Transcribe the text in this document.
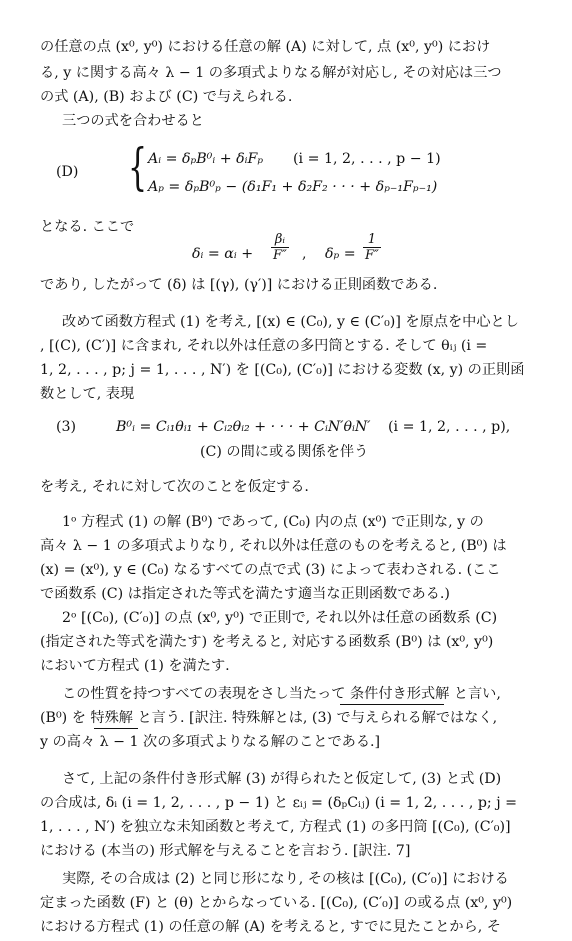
の任意の点 (x⁰, y⁰) における任意の解 (A) に対して, 点 (x⁰, y⁰) におけ
る, y に関する高々 λ − 1 の多項式よりなる解が対応し, その対応は三つ
の式 (A), (B) および (C) で与えられる.
三つの式を合わせると
(D) { Aᵢ = δₚB⁰ᵢ + δᵢFₚ (i = 1, 2, . . . , p − 1)
Aₚ = δₚB⁰ₚ − (δ₁F₁ + δ₂F₂ · · · + δₚ₋₁Fₚ₋₁)
となる. ここで
δᵢ = αᵢ + $\frac{\text{βᵢ}}{F''}$ , $\delta_p = \frac{1}{F''}$
であり, したがって (δ) は [(γ), (γ′)] における正則函数である.
改めて函数方程式 (1) を考え, [(x) ∈ (C₀), y ∈ (C′₀)] を原点を中心とし
, [(C), (C′)] に含まれ, それ以外は任意の多円筒とする. そして θᵢⱼ (i =
1, 2, . . . , p; j = 1, . . . , N′) を [(C₀), (C′₀)] における変数 (x, y) の正則函
数として, 表現
(3)	B⁰ᵢ = Cᵢ₁θᵢ₁ + Cᵢ₂θᵢ₂ + · · · + CᵢN′θᵢN′ (i = 1, 2, . . . , p),
(C) の間に或る関係を伴う
を考え, それに対して次のことを仮定する.
1ᵒ 方程式 (1) の解 (B⁰) であって, (C₀) 内の点 (x⁰) で正則な, y の
高々 λ − 1 の多項式よりなり, それ以外は任意のものを考えると, (B⁰) は
(x) = (x⁰), y ∈ (C₀) なるすべての点で式 (3) によって表わされる. (ここ
で函数系 (C) は指定された等式を満たす適当な正則函数である.)
2ᵒ [(C₀), (C′₀)] の点 (x⁰, y⁰) で正則で, それ以外は任意の函数系 (C)
(指定された等式を満たす) を考えると, 対応する函数系 (B⁰) は (x⁰, y⁰)
において方程式 (1) を満たす.
この性質を持つすべての表現をさし当たって 条件付き形式解 と言い,
(B⁰) を 特殊解 と言う. [訳注. 特殊解とは, (3) で与えられる解ではなく,
y の高々 λ − 1 次の多項式よりなる解のことである.]
さて, 上記の条件付き形式解 (3) が得られたと仮定して, (3) と式 (D)
の合成は, δᵢ (i = 1, 2, . . . , p − 1) と εᵢⱼ = (δₚCᵢⱼ) (i = 1, 2, . . . , p; j =
1, . . . , N′) を独立な未知函数と考えて, 方程式 (1) の多円筒 [(C₀), (C′₀)]
における (本当の) 形式解を与えることを言おう. [訳注. 7]
実際, その合成は (2) と同じ形になり, その核は [(C₀), (C′₀)] における
定まった函数 (F) と (θ) とからなっている. [(C₀), (C′₀)] の或る点 (x⁰, y⁰)
における方程式 (1) の任意の解 (A) を考えると, すでに見たことから, そ
